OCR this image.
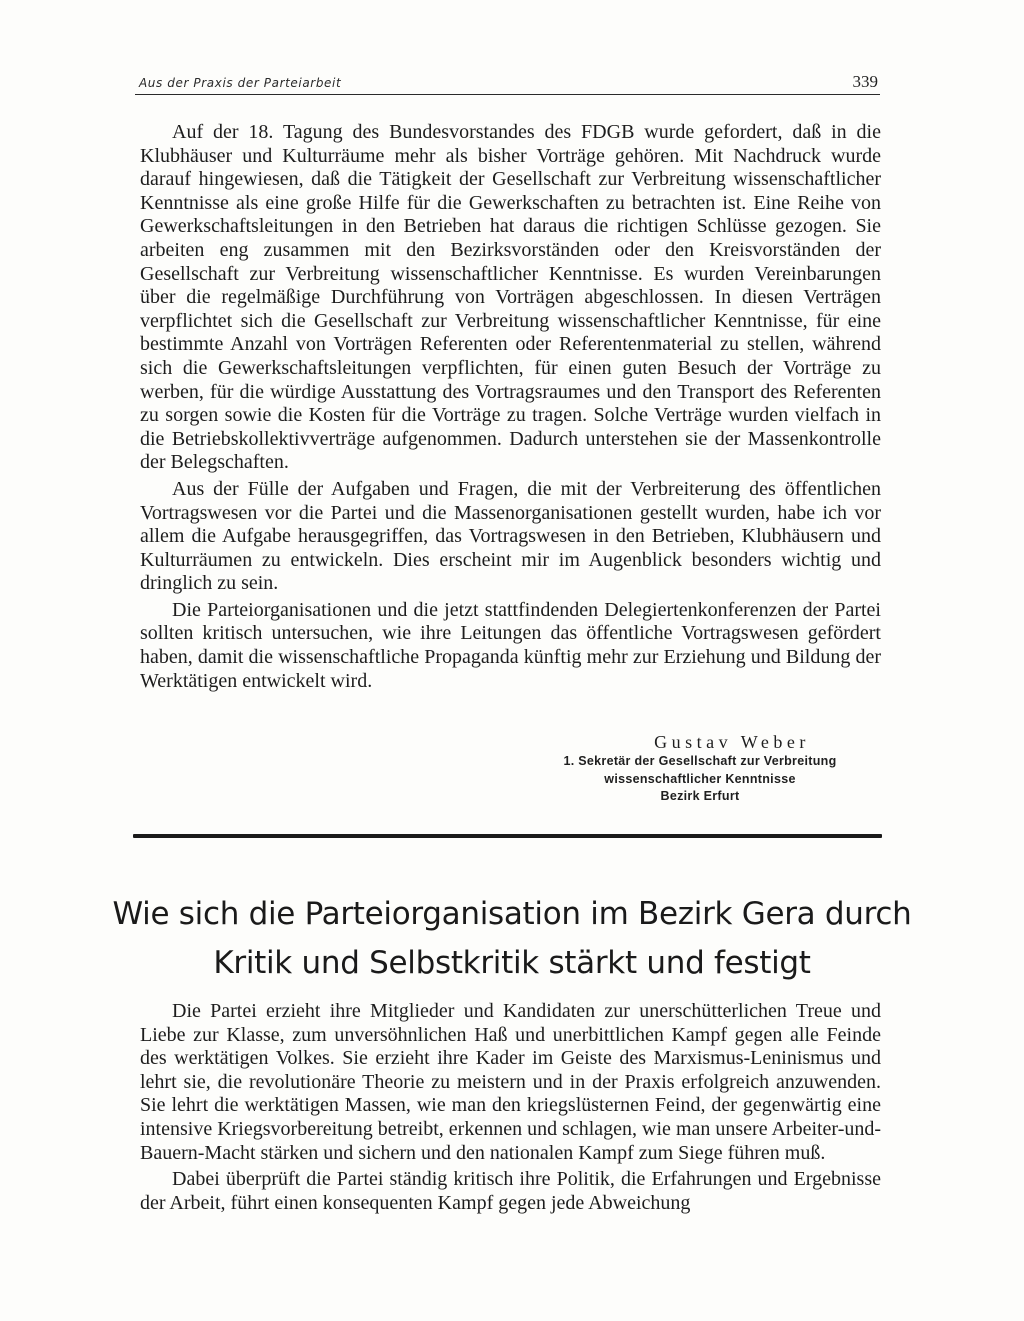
Aus der Praxis der Parteiarbeit	339

Auf der 18. Tagung des Bundesvorstandes des FDGB wurde gefordert, daß in die Klubhäuser und Kulturräume mehr als bisher Vorträge gehören. Mit Nachdruck wurde darauf hingewiesen, daß die Tätigkeit der Gesellschaft zur Verbreitung wissenschaftlicher Kenntnisse als eine große Hilfe für die Gewerkschaften zu betrachten ist. Eine Reihe von Gewerkschaftsleitungen in den Betrieben hat daraus die richtigen Schlüsse gezogen. Sie arbeiten eng zusammen mit den Bezirksvorständen oder den Kreisvorständen der Gesellschaft zur Verbreitung wissenschaftlicher Kenntnisse. Es wurden Vereinbarungen über die regelmäßige Durchführung von Vorträgen abgeschlossen. In diesen Verträgen verpflichtet sich die Gesellschaft zur Verbreitung wissenschaftlicher Kenntnisse, für eine bestimmte Anzahl von Vorträgen Referenten oder Referentenmaterial zu stellen, während sich die Gewerkschaftsleitungen verpflichten, für einen guten Besuch der Vorträge zu werben, für die würdige Ausstattung des Vortragsraumes und den Transport des Referenten zu sorgen sowie die Kosten für die Vorträge zu tragen. Solche Verträge wurden vielfach in die Betriebskollektivverträge aufgenommen. Dadurch unterstehen sie der Massenkontrolle der Belegschaften.

Aus der Fülle der Aufgaben und Fragen, die mit der Verbreiterung des öffentlichen Vortragswesen vor die Partei und die Massenorganisationen gestellt wurden, habe ich vor allem die Aufgabe herausgegriffen, das Vortragswesen in den Betrieben, Klubhäusern und Kulturräumen zu entwickeln. Dies erscheint mir im Augenblick besonders wichtig und dringlich zu sein.

Die Parteiorganisationen und die jetzt stattfindenden Delegiertenkonferenzen der Partei sollten kritisch untersuchen, wie ihre Leitungen das öffentliche Vortragswesen gefördert haben, damit die wissenschaftliche Propaganda künftig mehr zur Erziehung und Bildung der Werktätigen entwickelt wird.

Gustav Weber
1. Sekretär der Gesellschaft zur Verbreitung
wissenschaftlicher Kenntnisse
Bezirk Erfurt
Wie sich die Parteiorganisation im Bezirk Gera durch
Kritik und Selbstkritik stärkt und festigt

Die Partei erzieht ihre Mitglieder und Kandidaten zur unerschütterlichen Treue und Liebe zur Klasse, zum unversöhnlichen Haß und unerbittlichen Kampf gegen alle Feinde des werktätigen Volkes. Sie erzieht ihre Kader im Geiste des Marxismus-Leninismus und lehrt sie, die revolutionäre Theorie zu meistern und in der Praxis erfolgreich anzuwenden. Sie lehrt die werktätigen Massen, wie man den kriegslüsternen Feind, der gegenwärtig eine intensive Kriegsvorbereitung betreibt, erkennen und schlagen, wie man unsere Arbeiter-und-Bauern-Macht stärken und sichern und den nationalen Kampf zum Siege führen muß.

Dabei überprüft die Partei ständig kritisch ihre Politik, die Erfahrungen und Ergebnisse der Arbeit, führt einen konsequenten Kampf gegen jede Abweichung
